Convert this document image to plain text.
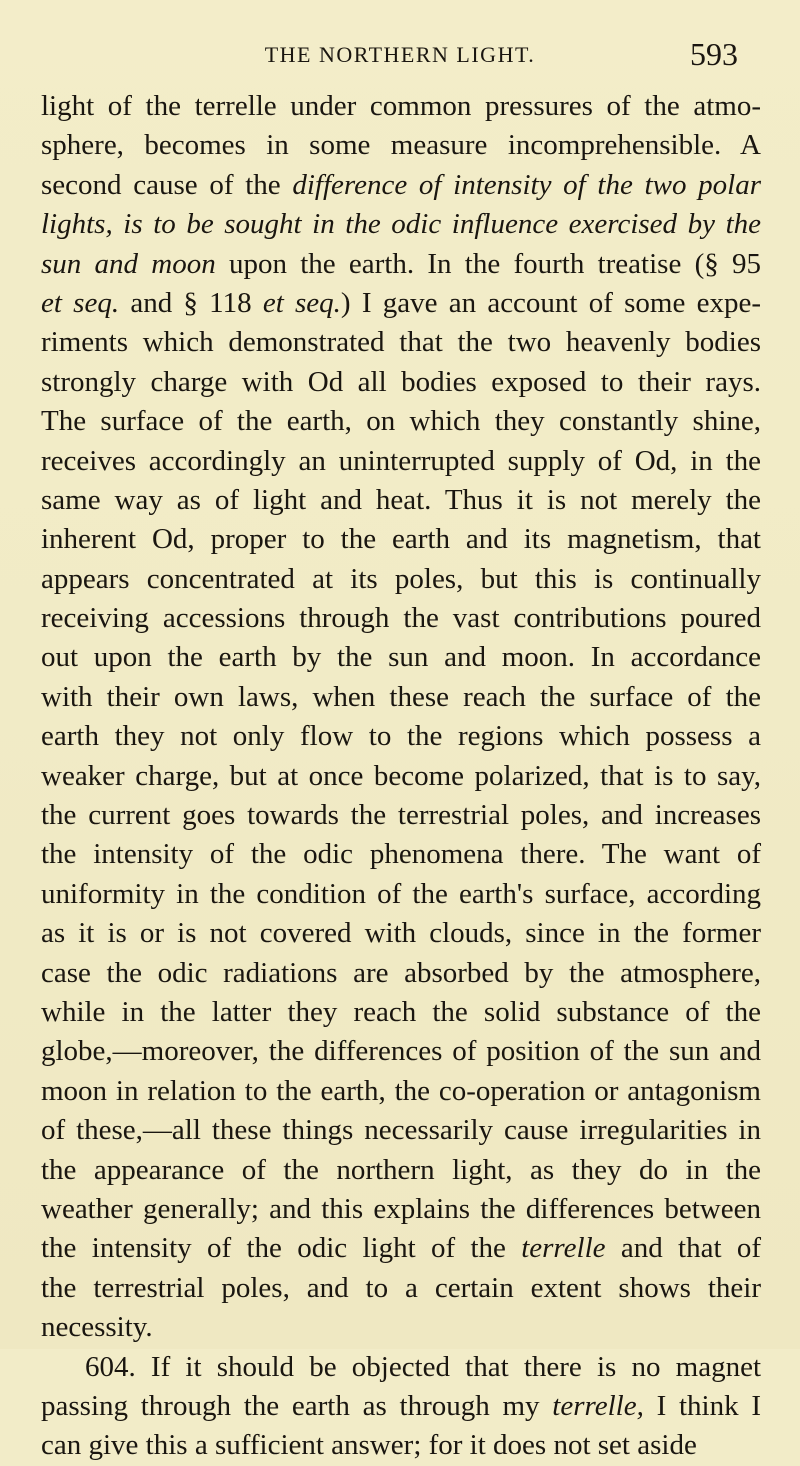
THE NORTHERN LIGHT.	593
light of the terrelle under common pressures of the atmo-
sphere, becomes in some measure incomprehensible. A
second cause of the difference of intensity of the two polar
lights, is to be sought in the odic influence exercised by the
sun and moon upon the earth. In the fourth treatise (§ 95
et seq. and § 118 et seq.) I gave an account of some expe-
riments which demonstrated that the two heavenly bodies
strongly charge with Od all bodies exposed to their rays.
The surface of the earth, on which they constantly shine,
receives accordingly an uninterrupted supply of Od, in the
same way as of light and heat. Thus it is not merely the
inherent Od, proper to the earth and its magnetism, that
appears concentrated at its poles, but this is continually
receiving accessions through the vast contributions poured
out upon the earth by the sun and moon. In accordance
with their own laws, when these reach the surface of the
earth they not only flow to the regions which possess a
weaker charge, but at once become polarized, that is to say,
the current goes towards the terrestrial poles, and increases
the intensity of the odic phenomena there. The want of
uniformity in the condition of the earth's surface, according
as it is or is not covered with clouds, since in the former
case the odic radiations are absorbed by the atmosphere,
while in the latter they reach the solid substance of the
globe,—moreover, the differences of position of the sun and
moon in relation to the earth, the co-operation or antagonism
of these,—all these things necessarily cause irregularities in
the appearance of the northern light, as they do in the
weather generally; and this explains the differences between
the intensity of the odic light of the terrelle and that of
the terrestrial poles, and to a certain extent shows their
necessity.
604. If it should be objected that there is no magnet
passing through the earth as through my terrelle, I think I
can give this a sufficient answer; for it does not set aside
